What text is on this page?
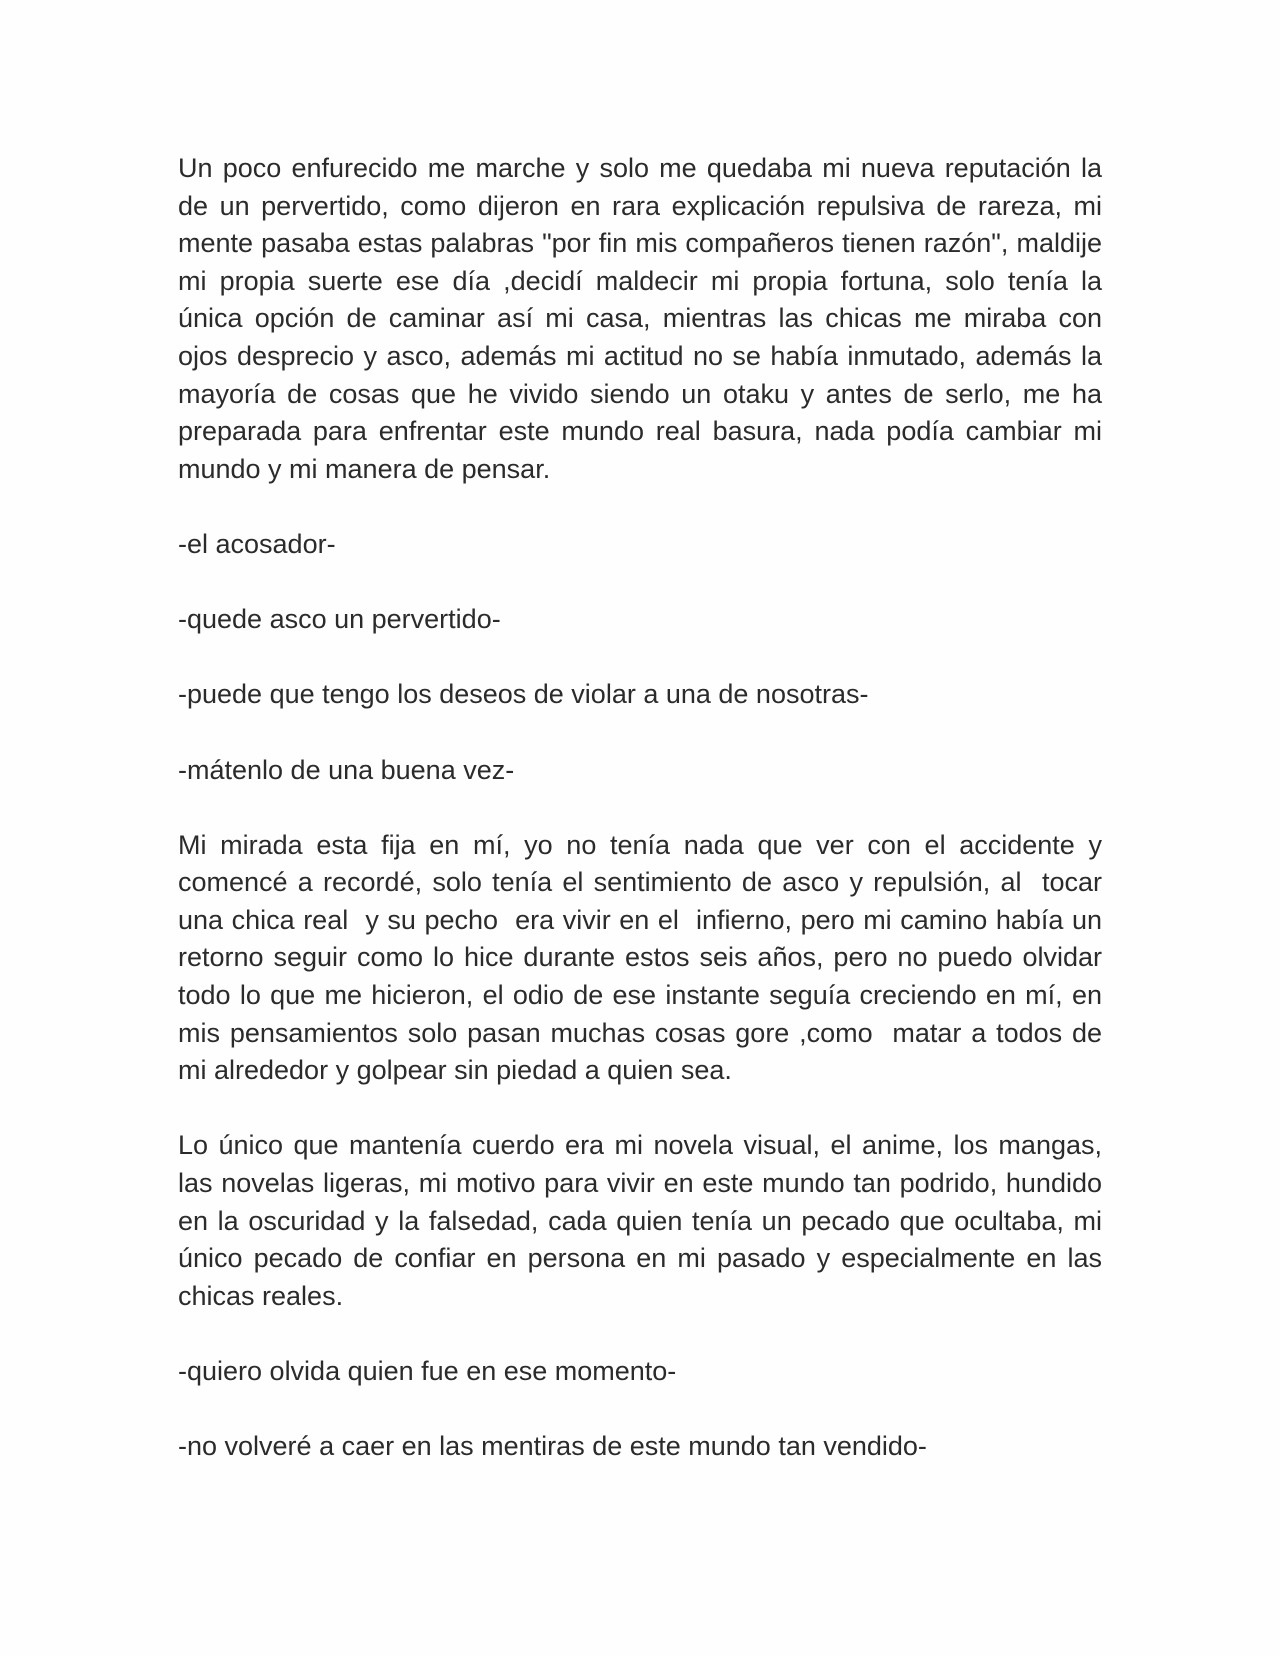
Un poco enfurecido me marche y solo me quedaba mi nueva reputación la de un pervertido, como dijeron en rara explicación repulsiva de rareza, mi mente pasaba estas palabras "por fin mis compañeros tienen razón", maldije mi propia suerte ese día ,decidí maldecir mi propia fortuna, solo tenía la única opción de caminar así mi casa, mientras las chicas me miraba con ojos desprecio y asco, además mi actitud no se había inmutado, además la mayoría de cosas que he vivido siendo un otaku y antes de serlo, me ha preparada para enfrentar este mundo real basura, nada podía cambiar mi mundo y mi manera de pensar.

-el acosador-

-quede asco un pervertido-

-puede que tengo los deseos de violar a una de nosotras-

-mátenlo de una buena vez-

Mi mirada esta fija en mí, yo no tenía nada que ver con el accidente y comencé a recordé, solo tenía el sentimiento de asco y repulsión, al  tocar una chica real  y su pecho  era vivir en el  infierno, pero mi camino había un retorno seguir como lo hice durante estos seis años, pero no puedo olvidar todo lo que me hicieron, el odio de ese instante seguía creciendo en mí, en mis pensamientos solo pasan muchas cosas gore ,como  matar a todos de mi alrededor y golpear sin piedad a quien sea.

Lo único que mantenía cuerdo era mi novela visual, el anime, los mangas, las novelas ligeras, mi motivo para vivir en este mundo tan podrido, hundido en la oscuridad y la falsedad, cada quien tenía un pecado que ocultaba, mi único pecado de confiar en persona en mi pasado y especialmente en las chicas reales.

-quiero olvida quien fue en ese momento-

-no volveré a caer en las mentiras de este mundo tan vendido-
